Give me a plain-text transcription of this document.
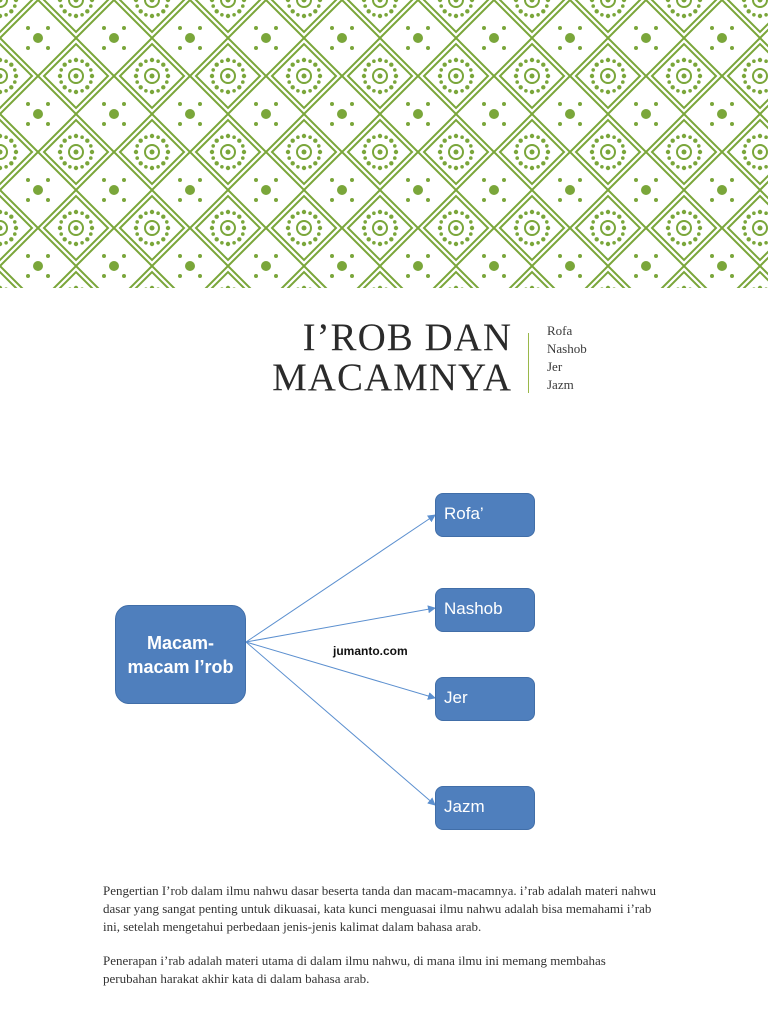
I’ROB DAN
MACAMNYA
Rofa
Nashob
Jer
Jazm
Macam-macam I’rob
Rofa’
Nashob
Jer
Jazm
jumanto.com

Pengertian I’rob dalam ilmu nahwu dasar beserta tanda dan macam-macamnya. i’rab adalah materi nahwu dasar yang sangat penting untuk dikuasai, kata kunci menguasai ilmu nahwu adalah bisa memahami i’rab ini, setelah mengetahui perbedaan jenis-jenis kalimat dalam bahasa arab.

Penerapan i’rab adalah materi utama di dalam ilmu nahwu, di mana ilmu ini memang membahas perubahan harakat akhir kata di dalam bahasa arab.
